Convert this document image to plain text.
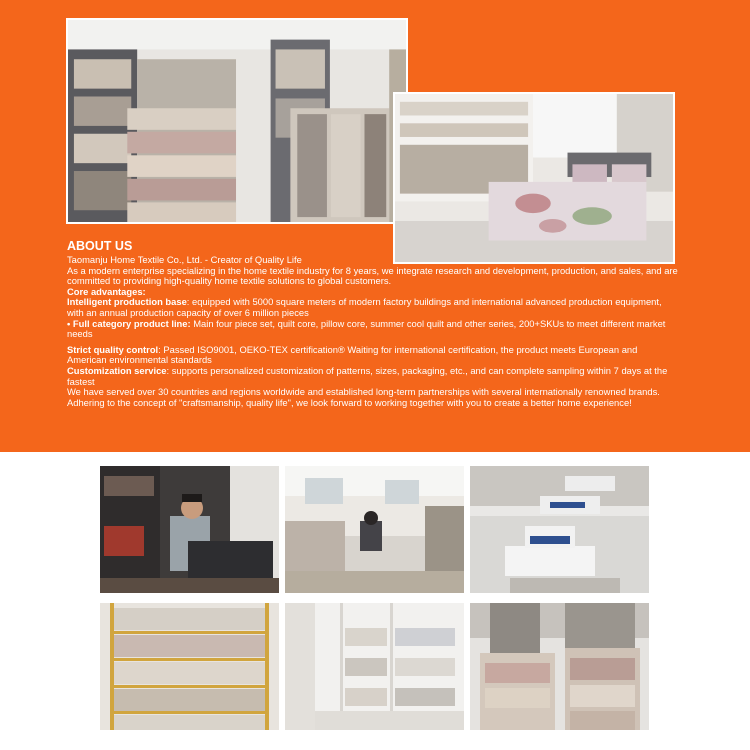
ABOUT US

Taomanju Home Textile Co., Ltd. - Creator of Quality Life

As a modern enterprise specializing in the home textile industry for 8 years, we integrate research and development, production, and sales, and are committed to providing high-quality home textile solutions to global customers.

Core advantages:

Intelligent production base: equipped with 5000 square meters of modern factory buildings and international advanced production equipment, with an annual production capacity of over 6 million pieces

• Full category product line: Main four piece set, quilt core, pillow core, summer cool quilt and other series, 200+SKUs to meet different market needs

Strict quality control: Passed ISO9001, OEKO-TEX certification® Waiting for international certification, the product meets European and American environmental standards

Customization service: supports personalized customization of patterns, sizes, packaging, etc., and can complete sampling within 7 days at the fastest

We have served over 30 countries and regions worldwide and established long-term partnerships with several internationally renowned brands. Adhering to the concept of "craftsmanship, quality life", we look forward to working together with you to create a better home experience!
